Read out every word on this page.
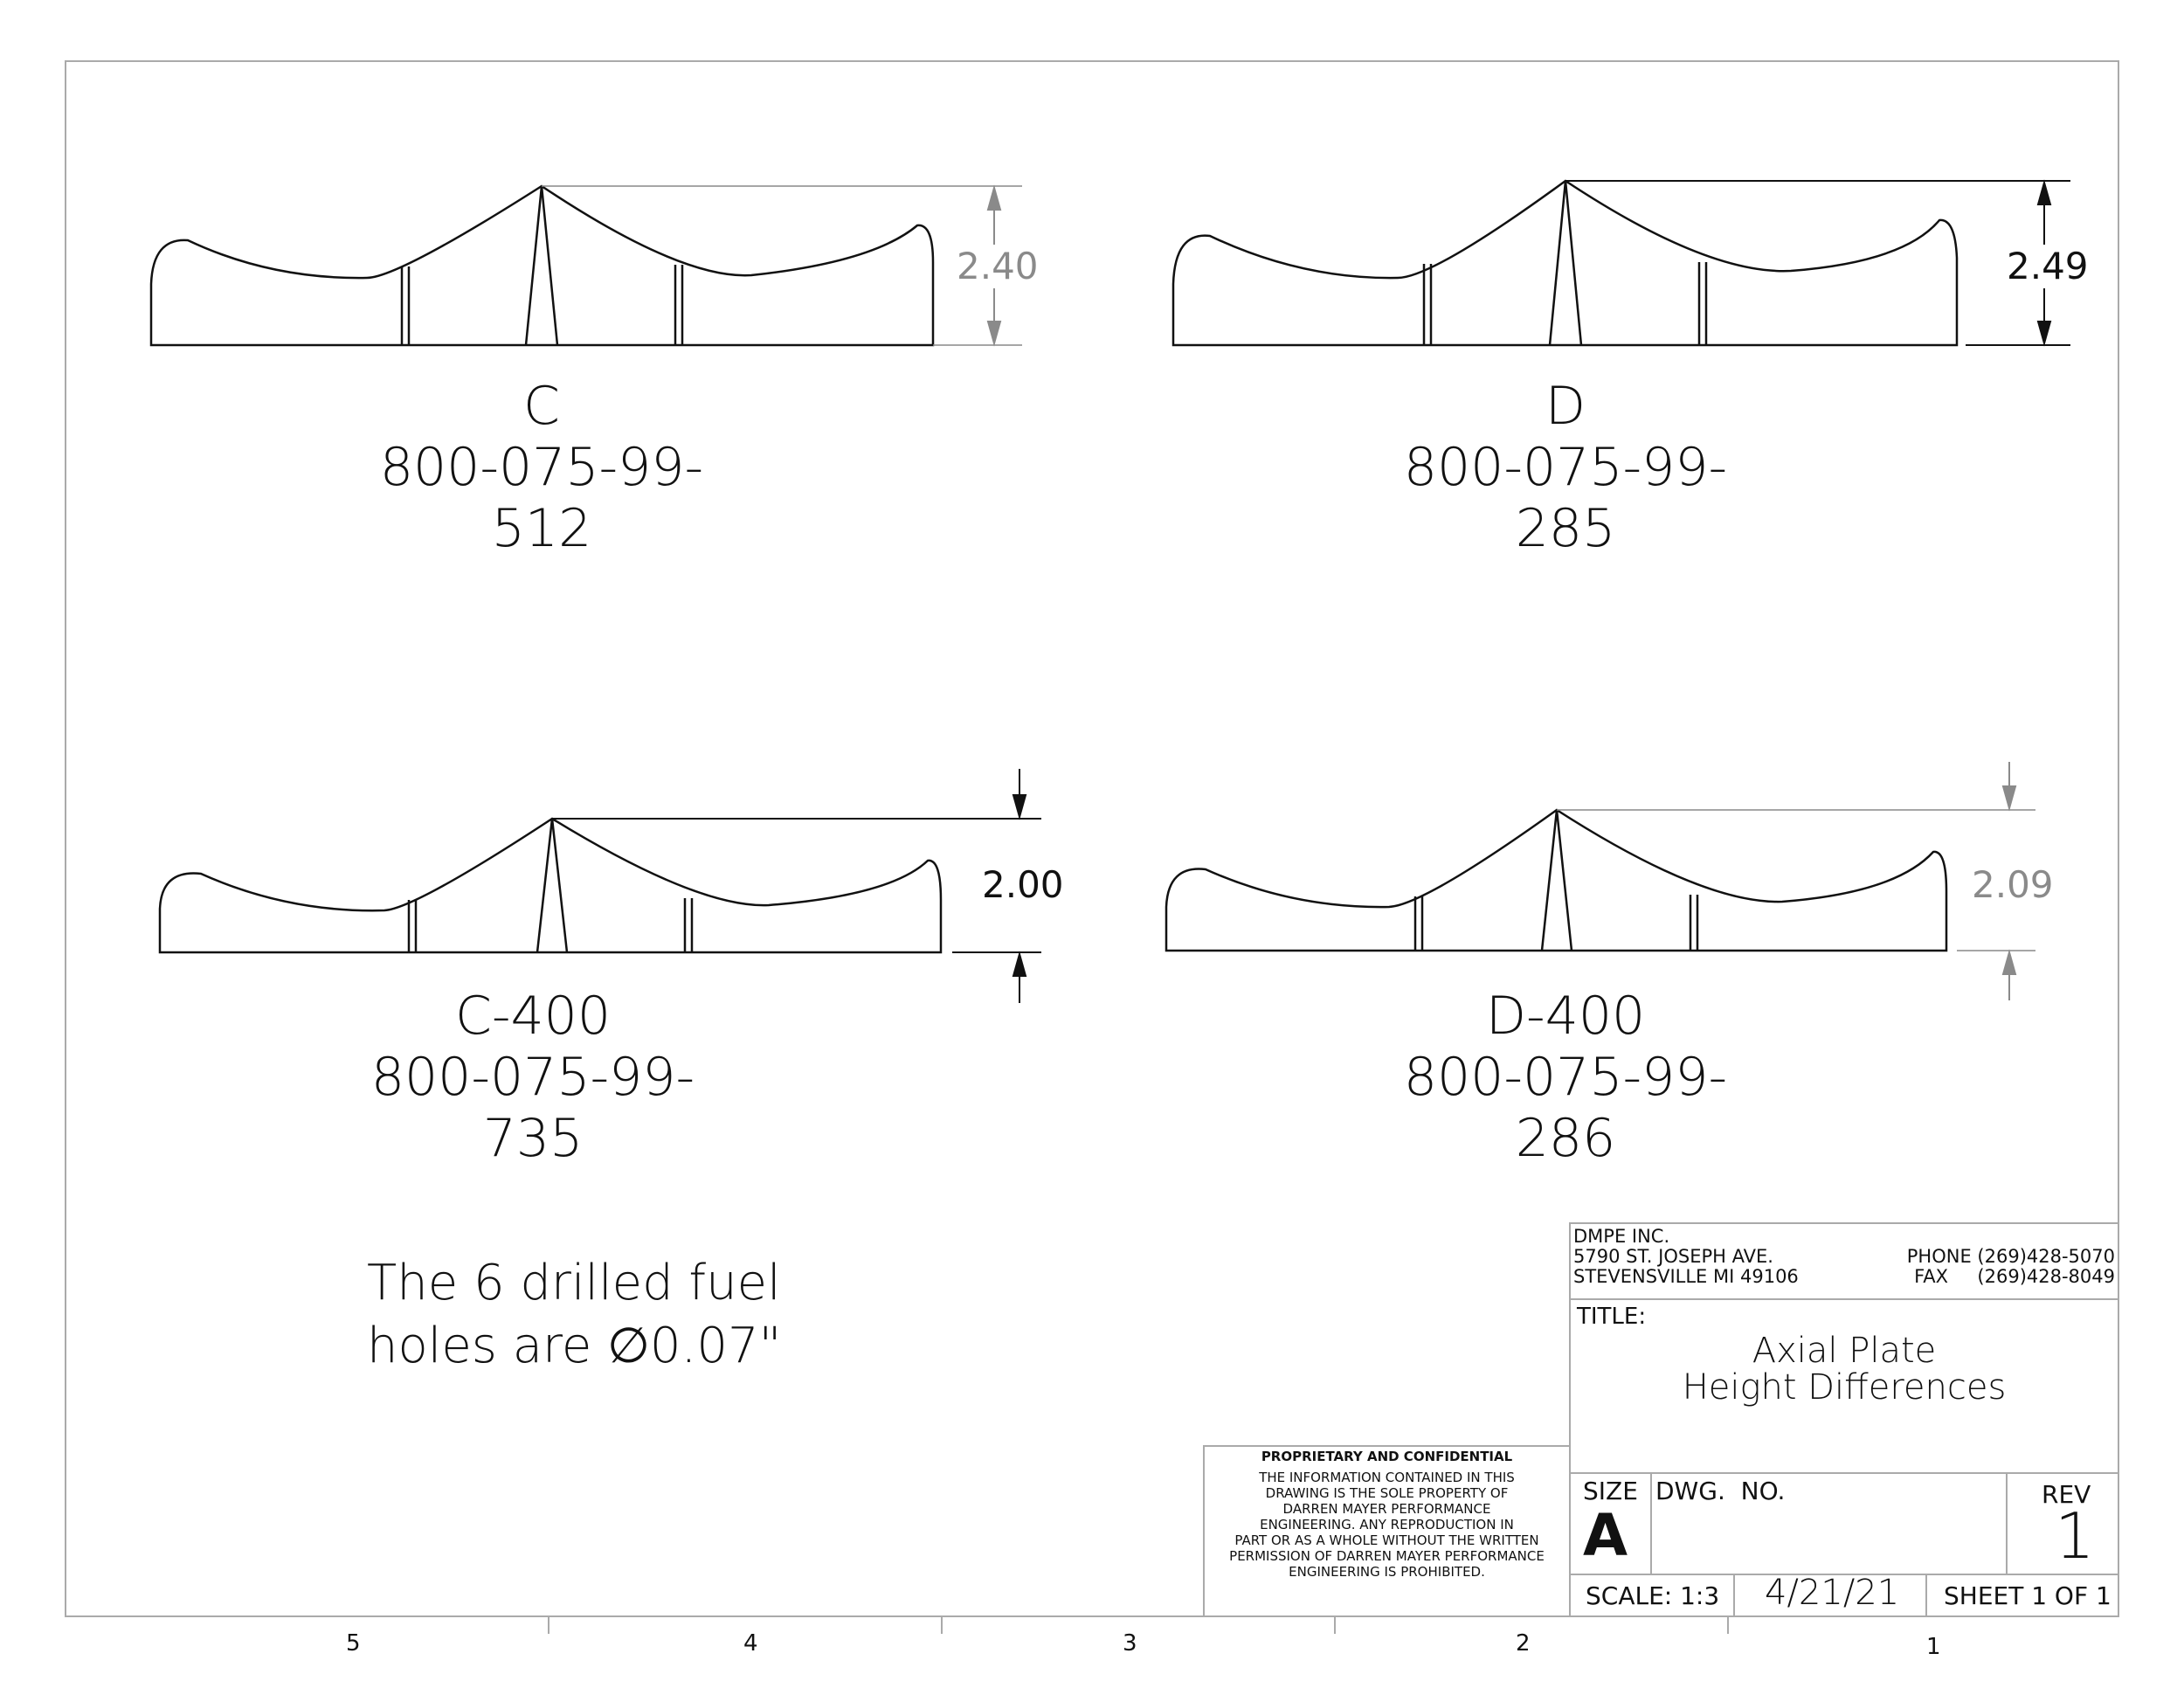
C
800-075-99-512
D
800-075-99-285
C-400
800-075-99-735
D-400
800-075-99-286
2.40	2.49
2.00	2.09
The 6 drilled fuel
holes are ∅0.07"
DMPE INC.
5790 ST. JOSEPH AVE.	PHONE (269)428-5070
STEVENSVILLE MI 49106	FAX (269)428-8049
TITLE:
Axial Plate
Height Differences
SIZE
A
DWG.  NO.	REV
1
SCALE: 1:3 4/21/21 SHEET 1 OF 1
PROPRIETARY AND CONFIDENTIAL
THE INFORMATION CONTAINED IN THIS
DRAWING IS THE SOLE PROPERTY OF
DARREN MAYER PERFORMANCE
ENGINEERING. ANY REPRODUCTION IN
PART OR AS A WHOLE WITHOUT THE WRITTEN
PERMISSION OF DARREN MAYER PERFORMANCE
ENGINEERING IS PROHIBITED.
5	4	3	2	1
